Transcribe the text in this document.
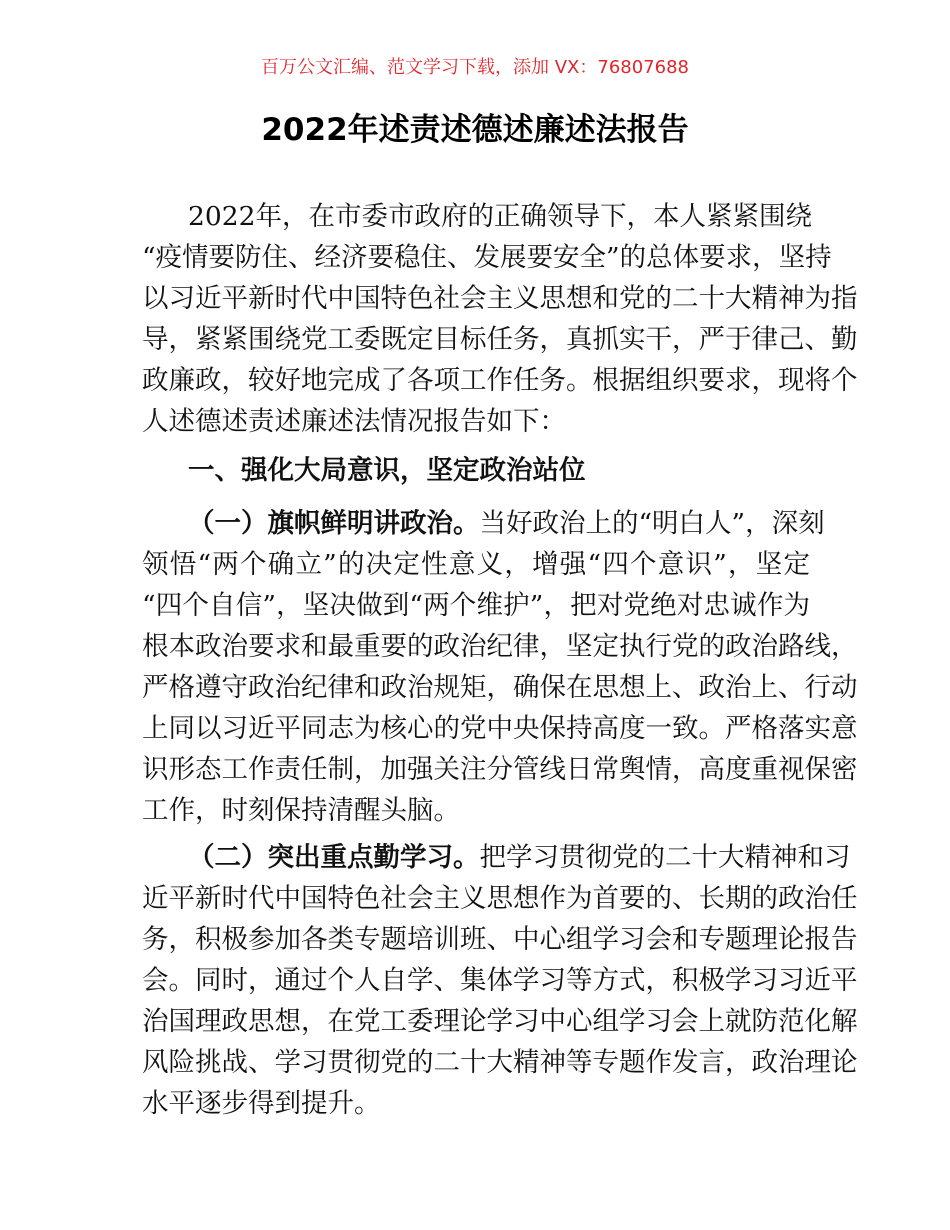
百万公文汇编、范文学习下载，添加 VX：76807688
2022年述责述德述廉述法报告
2022年，在市委市政府的正确领导下，本人紧紧围绕
“疫情要防住、经济要稳住、发展要安全”的总体要求，坚持
以习近平新时代中国特色社会主义思想和党的二十大精神为指
导，紧紧围绕党工委既定目标任务，真抓实干，严于律己、勤
政廉政，较好地完成了各项工作任务。根据组织要求，现将个
人述德述责述廉述法情况报告如下：
一、强化大局意识，坚定政治站位
（一）旗帜鲜明讲政治。当好政治上的“明白人”，深刻
领悟“两个确立”的决定性意义，增强“四个意识”，坚定
“四个自信”，坚决做到“两个维护”，把对党绝对忠诚作为
根本政治要求和最重要的政治纪律，坚定执行党的政治路线，
严格遵守政治纪律和政治规矩，确保在思想上、政治上、行动
上同以习近平同志为核心的党中央保持高度一致。严格落实意
识形态工作责任制，加强关注分管线日常舆情，高度重视保密
工作，时刻保持清醒头脑。
（二）突出重点勤学习。把学习贯彻党的二十大精神和习
近平新时代中国特色社会主义思想作为首要的、长期的政治任
务，积极参加各类专题培训班、中心组学习会和专题理论报告
会。同时，通过个人自学、集体学习等方式，积极学习习近平
治国理政思想，在党工委理论学习中心组学习会上就防范化解
风险挑战、学习贯彻党的二十大精神等专题作发言，政治理论
水平逐步得到提升。
